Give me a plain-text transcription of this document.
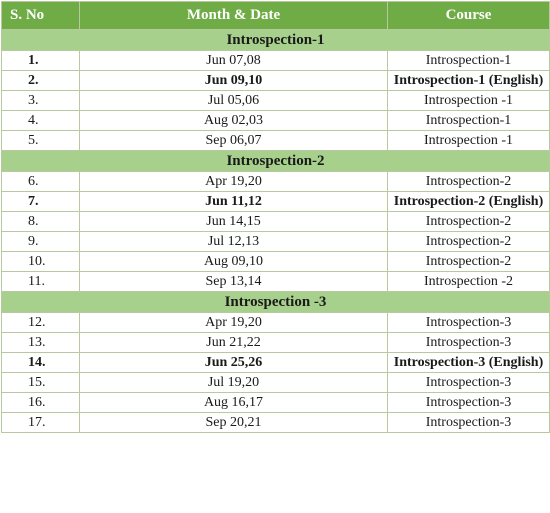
S. No	Month & Date	Course
Introspection-1		
1.	Jun 07,08	Introspection-1
2.	Jun 09,10	Introspection-1 (English)
3.	Jul 05,06	Introspection -1
4.	Aug 02,03	Introspection-1
5.	Sep 06,07	Introspection -1
Introspection-2		
6.	Apr 19,20	Introspection-2
7.	Jun 11,12	Introspection-2 (English)
8.	Jun 14,15	Introspection-2
9.	Jul 12,13	Introspection-2
10.	Aug 09,10	Introspection-2
11.	Sep 13,14	Introspection -2
Introspection -3		
12.	Apr 19,20	Introspection-3
13.	Jun 21,22	Introspection-3
14.	Jun 25,26	Introspection-3 (English)
15.	Jul 19,20	Introspection-3
16.	Aug 16,17	Introspection-3
17.	Sep 20,21	Introspection-3
